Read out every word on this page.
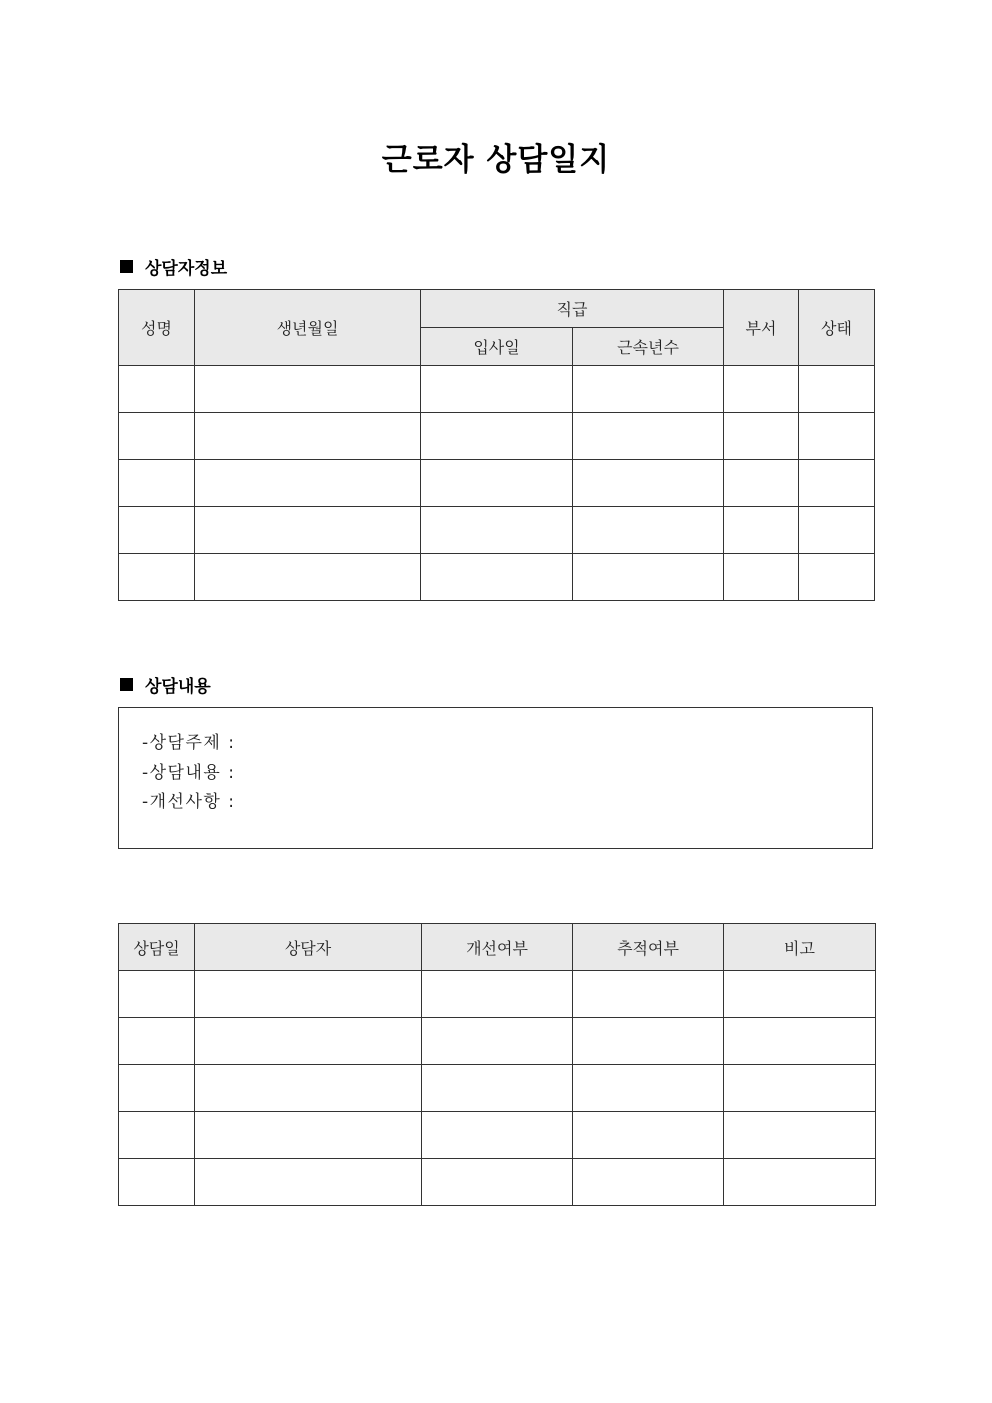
근로자 상담일지
상담자정보
성명	생년월일	직급		부서	상태
		입사일	근속년수		

상담내용
-상담주제 :
-상담내용 :
-개선사항 :
상담일	상담자	개선여부	추적여부	비고
